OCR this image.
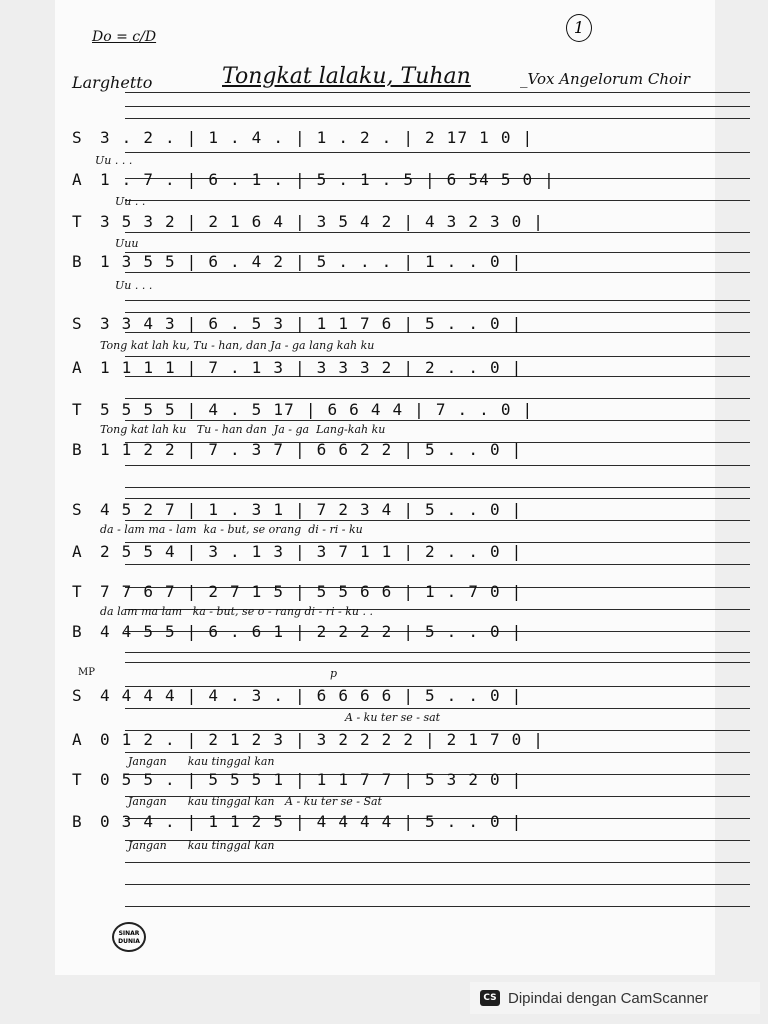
Do = c/D	1
Larghetto	Tongkat lalaku, Tuhan	_Vox Angelorum Choir
S 3 . 2 . | 1 . 4 . | 1 . 2 . | 2 17 1 0 |
Uu . . .
A 1 . 7 . | 6 . 1 . | 5 . 1 . 5 | 6 54 5 0 |
Uu . .
T 3 5 3 2 | 2 1 6 4 | 3 5 4 2 | 4 3 2 3 0 |
Uuu
B 1 3 5 5 | 6 . 4 2 | 5 . . . | 1 . . 0 |
Uu . . .
S 3 3 4 3 | 6 . 5 3 | 1 1 7 6 | 5 . . 0 |
Tong kat lah ku, Tu - han, dan Ja - ga lang kah ku
A 1 1 1 1 | 7 . 1 3 | 3 3 3 2 | 2 . . 0 |
T 5 5 5 5 | 4 . 5 17 | 6 6 4 4 | 7 . . 0 |
Tong kat lah ku   Tu - han dan  Ja - ga  Lang-kah ku
B 1 1 2 2 | 7 . 3 7 | 6 6 2 2 | 5 . . 0 |
S 4 5 2 7 | 1 . 3 1 | 7 2 3 4 | 5 . . 0 |
da - lam ma - lam  ka - but, se orang  di - ri - ku
A 2 5 5 4 | 3 . 1 3 | 3 7 1 1 | 2 . . 0 |
T 7 7 6 7 | 2 7 1 5 | 5 5 6 6 | 1 . 7 0 |
da lam ma lam   ka - but, se o - rang di - ri - ku . .
B 4 4 5 5 | 6 . 6 1 | 2 2 2 2 | 5 . . 0 |
MP	p
S 4 4 4 4 | 4 . 3 . | 6 6 6 6 | 5 . . 0 |
A - ku ter se - sat
A 0 1 2 . | 2 1 2 3 | 3 2 2 2 2 | 2 1 7 0 |
Jangan      kau tinggal kan
T 0 5 5 . | 5 5 5 1 | 1 1 7 7 | 5 3 2 0 |
Jangan      kau tinggal kan   A - ku ter se - Sat
B 0 3 4 . | 1 1 2 5 | 4 4 4 4 | 5 . . 0 |
Jangan      kau tinggal kan
SINAR DUNIA
CS Dipindai dengan CamScanner
